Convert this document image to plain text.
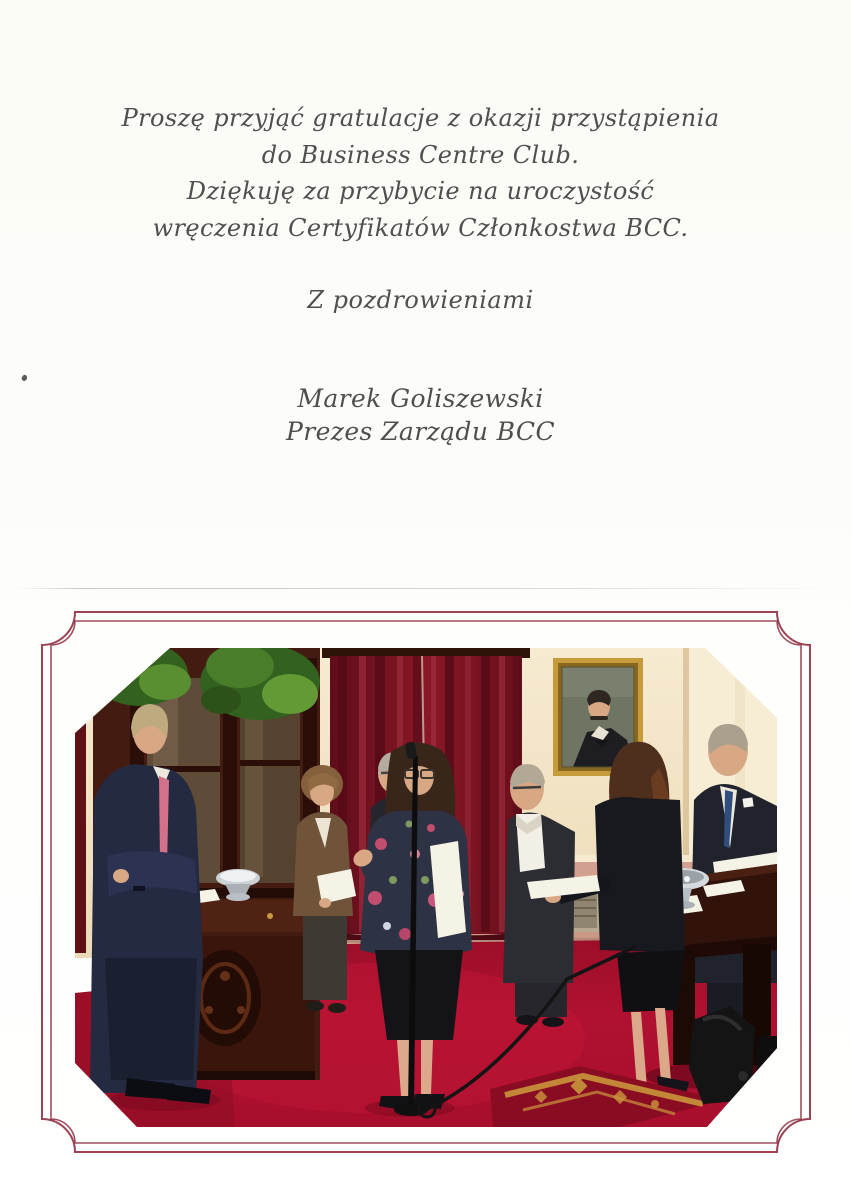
Proszę przyjąć gratulacje z okazji przystąpienia
do Business Centre Club.
Dziękuję za przybycie na uroczystość
wręczenia Certyfikatów Członkostwa BCC.
Z pozdrowieniami
Marek Goliszewski
Prezes Zarządu BCC
